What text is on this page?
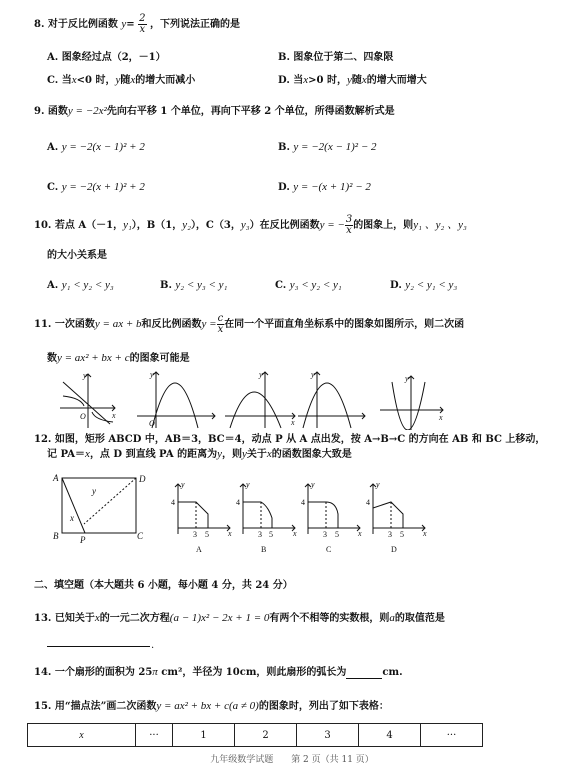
8. 对于反比例函数 $y= \frac{2}{x}$ ，下列说法正确的是
A. 图象经过点（2，－1）	B. 图象位于第二、四象限
C. 当x<0 时，y随x的增大而减小	D. 当x>0 时，y随x的增大而增大
9. 函数y = −2x²先向右平移 1 个单位，再向下平移 2 个单位，所得函数解析式是
A. y = −2(x − 1)² + 2	B. y = −2(x − 1)² − 2
C. y = −2(x + 1)² + 2	D. y = −(x + 1)² − 2
10. 若点 A（－1，y₁），B（1，y₂），C（3，y₃）在反比例函数y = − $\frac{3}{x}$ 的图象上，则y₁ 、y₂ 、y₃
的大小关系是
A. y₁ < y₂ < y₃	B. y₂ < y₃ < y₁	C. y₃ < y₂ < y₁	D. y₂ < y₁ < y₃
11. 一次函数y = ax + b和反比例函数$y = \frac{c}{x}$ 在同一个平面直角坐标系中的图象如图所示，则二次函
数y = ax² + bx + c的图象可能是
y
x
O
y
O
y
x
y	y
x
12. 如图，矩形 ABCD 中，AB＝3，BC＝4，动点 P 从 A 点出发，按 A→B→C 的方向在 AB 和 BC 上移动，
记 PA＝x，点 D 到直线 PA 的距离为y，则y关于x的函数图象大致是
A	D
B P	C
x
y
y
4
3 5 x
A
y
4
3 5	x
B
y
4
3 5 x
C
y
4
3 5 x
D
二、填空题（本大题共 6 小题，每小题 4 分，共 24 分）
13. 已知关于x的一元二次方程(a − 1)x² − 2x + 1 = 0有两个不相等的实数根，则a的取值范是
.
14. 一个扇形的面积为 25π cm²，半径为 10cm，则此扇形的弧长为	cm.
15. 用“描点法”画二次函数y = ax² + bx + c(a ≠ 0)的图象时，列出了如下表格：
x	···	1	2	3	4	···
九年级数学试题　　第 2 页（共 11 页）
